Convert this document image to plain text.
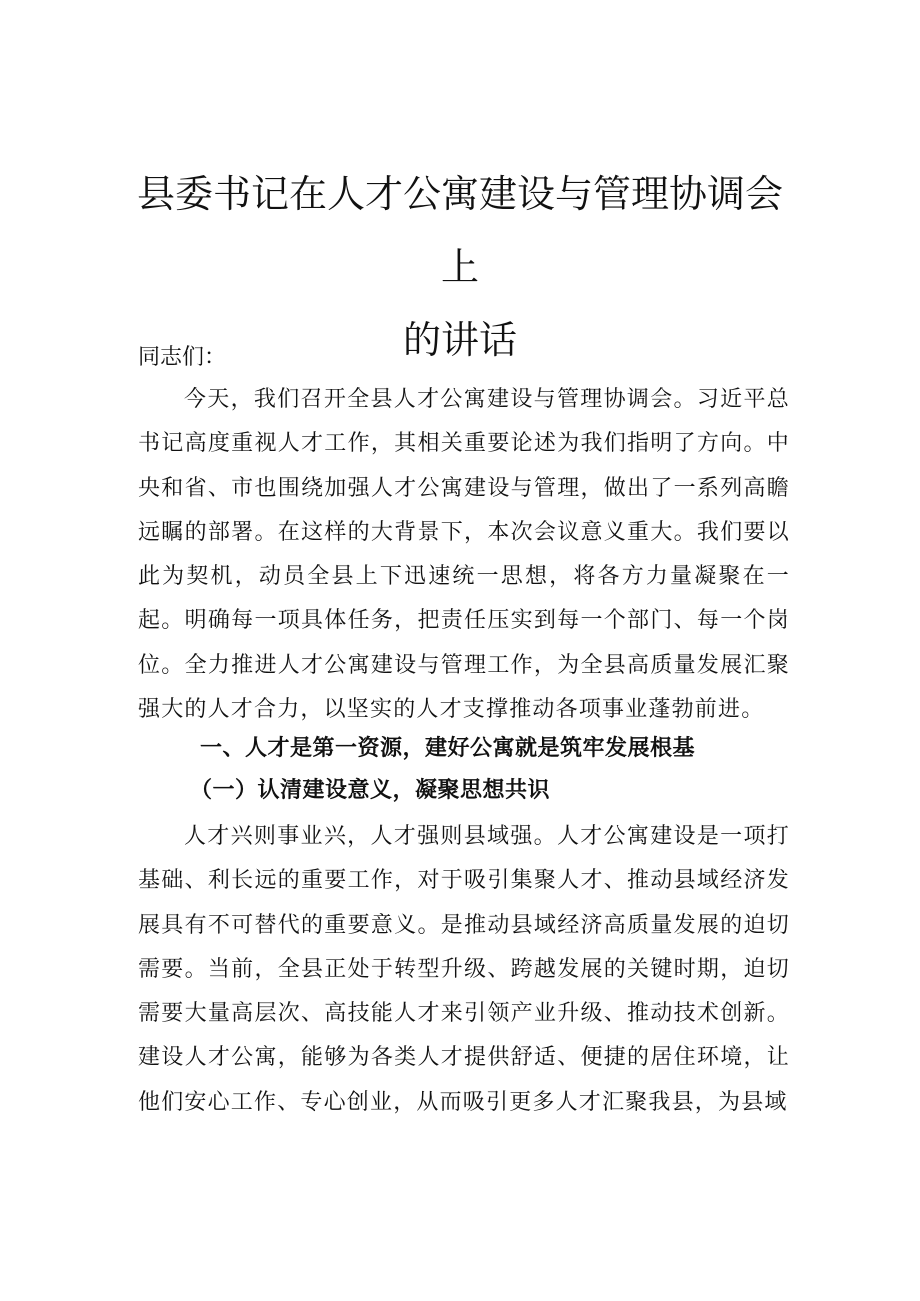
县委书记在人才公寓建设与管理协调会上
的讲话

同志们：

今天，我们召开全县人才公寓建设与管理协调会。习近平总书记高度重视人才工作，其相关重要论述为我们指明了方向。中央和省、市也围绕加强人才公寓建设与管理，做出了一系列高瞻远瞩的部署。在这样的大背景下，本次会议意义重大。我们要以此为契机，动员全县上下迅速统一思想，将各方力量凝聚在一起。明确每一项具体任务，把责任压实到每一个部门、每一个岗位。全力推进人才公寓建设与管理工作，为全县高质量发展汇聚强大的人才合力，以坚实的人才支撑推动各项事业蓬勃前进。

一、人才是第一资源，建好公寓就是筑牢发展根基

（一）认清建设意义，凝聚思想共识

人才兴则事业兴，人才强则县域强。人才公寓建设是一项打基础、利长远的重要工作，对于吸引集聚人才、推动县域经济发展具有不可替代的重要意义。是推动县域经济高质量发展的迫切需要。当前，全县正处于转型升级、跨越发展的关键时期，迫切需要大量高层次、高技能人才来引领产业升级、推动技术创新。建设人才公寓，能够为各类人才提供舒适、便捷的居住环境，让他们安心工作、专心创业，从而吸引更多人才汇聚我县，为县域
